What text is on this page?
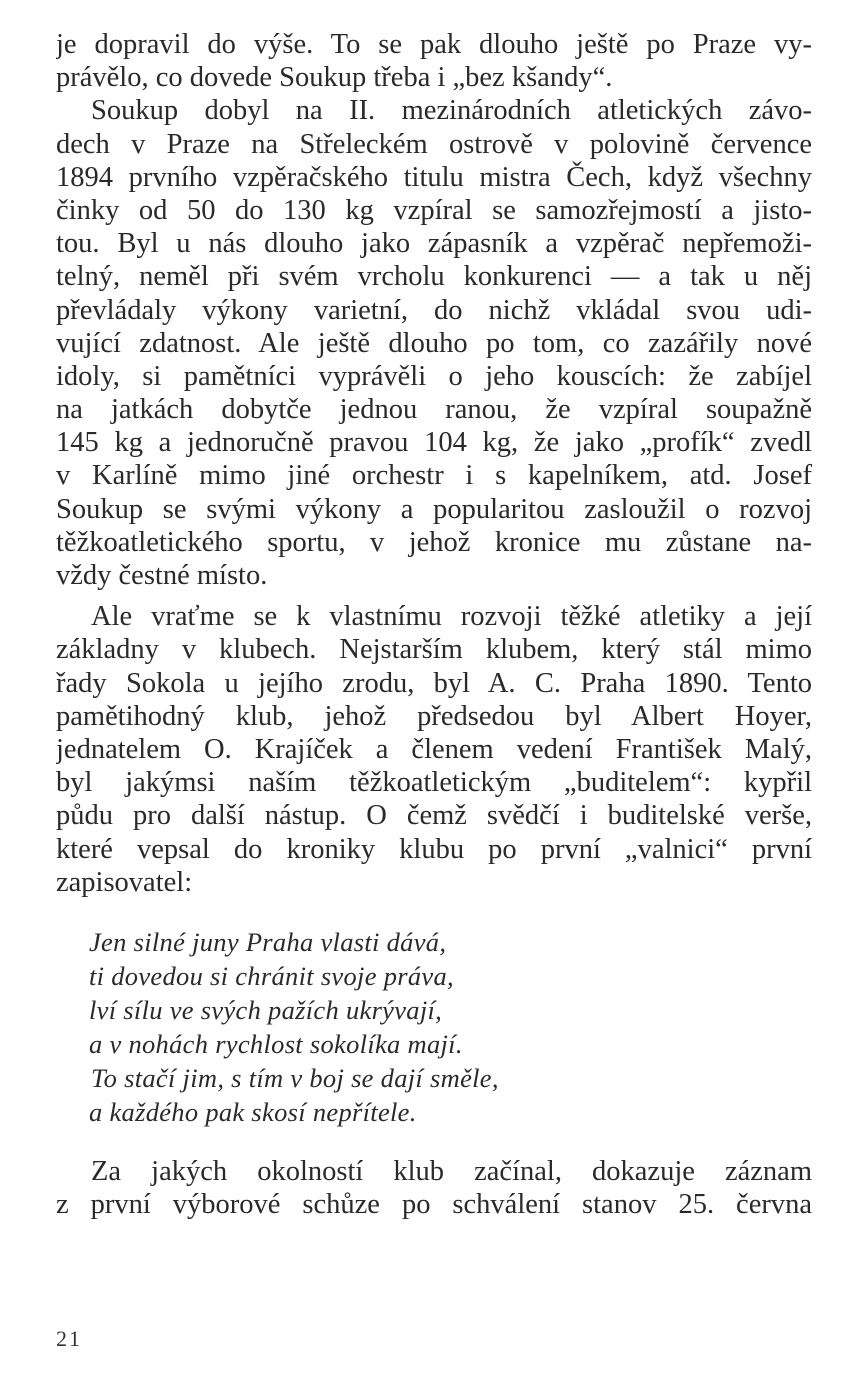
je dopravil do výše. To se pak dlouho ještě po Praze vy-
právělo, co dovede Soukup třeba i „bez kšandy“.
Soukup dobyl na II. mezinárodních atletických závo-
dech v Praze na Střeleckém ostrově v polovině července
1894 prvního vzpěračského titulu mistra Čech, když všechny
činky od 50 do 130 kg vzpíral se samozřejmostí a jisto-
tou. Byl u nás dlouho jako zápasník a vzpěrač nepřemoži-
telný, neměl při svém vrcholu konkurenci — a tak u něj
převládaly výkony varietní, do nichž vkládal svou udi-
vující zdatnost. Ale ještě dlouho po tom, co zazářily nové
idoly, si pamětníci vyprávěli o jeho kouscích: že zabíjel
na jatkách dobytče jednou ranou, že vzpíral soupažně
145 kg a jednoručně pravou 104 kg, že jako „profík“ zvedl
v Karlíně mimo jiné orchestr i s kapelníkem, atd. Josef
Soukup se svými výkony a popularitou zasloužil o rozvoj
těžkoatletického sportu, v jehož kronice mu zůstane na-
vždy čestné místo.
Ale vraťme se k vlastnímu rozvoji těžké atletiky a její
základny v klubech. Nejstarším klubem, který stál mimo
řady Sokola u jejího zrodu, byl A. C. Praha 1890. Tento
pamětihodný klub, jehož předsedou byl Albert Hoyer,
jednatelem O. Krajíček a členem vedení František Malý,
byl jakýmsi naším těžkoatletickým „buditelem“: kypřil
půdu pro další nástup. O čemž svědčí i buditelské verše,
které vepsal do kroniky klubu po první „valnici“ první
zapisovatel:
Jen silné juny Praha vlasti dává,
ti dovedou si chránit svoje práva,
lví sílu ve svých pažích ukrývají,
a v nohách rychlost sokolíka mají.
To stačí jim, s tím v boj se dají směle,
a každého pak skosí nepřítele.
Za jakých okolností klub začínal, dokazuje záznam
z první výborové schůze po schválení stanov 25. června
21
